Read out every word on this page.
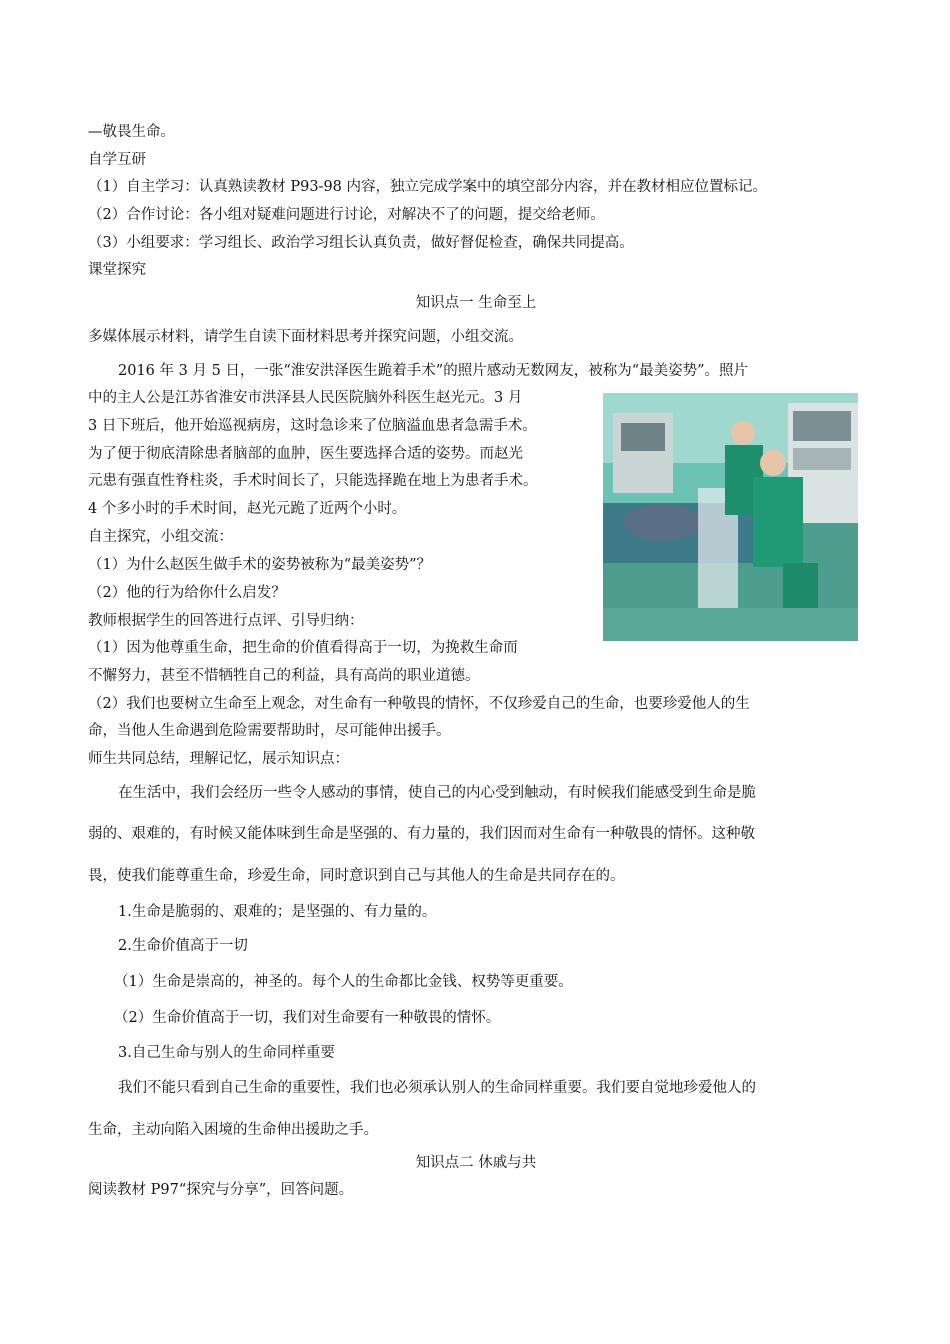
—敬畏生命。
自学互研
（1）自主学习：认真熟读教材 P93-98 内容，独立完成学案中的填空部分内容，并在教材相应位置标记。
（2）合作讨论：各小组对疑难问题进行讨论，对解决不了的问题，提交给老师。
（3）小组要求：学习组长、政治学习组长认真负责，做好督促检查，确保共同提高。
课堂探究
知识点一 生命至上
多媒体展示材料，请学生自读下面材料思考并探究问题，小组交流。
2016 年 3 月 5 日，一张“淮安洪泽医生跪着手术”的照片感动无数网友，被称为“最美姿势”。照片
中的主人公是江苏省淮安市洪泽县人民医院脑外科医生赵光元。3 月
3 日下班后，他开始巡视病房，这时急诊来了位脑溢血患者急需手术。
为了便于彻底清除患者脑部的血肿，医生要选择合适的姿势。而赵光
元患有强直性脊柱炎，手术时间长了，只能选择跪在地上为患者手术。
4 个多小时的手术时间，赵光元跪了近两个小时。
自主探究，小组交流：
（1）为什么赵医生做手术的姿势被称为“最美姿势”？
（2）他的行为给你什么启发？
教师根据学生的回答进行点评、引导归纳：
（1）因为他尊重生命，把生命的价值看得高于一切，为挽救生命而
不懈努力，甚至不惜牺牲自己的利益，具有高尚的职业道德。
（2）我们也要树立生命至上观念，对生命有一种敬畏的情怀，不仅珍爱自己的生命，也要珍爱他人的生
命，当他人生命遇到危险需要帮助时，尽可能伸出援手。
师生共同总结，理解记忆，展示知识点：
在生活中，我们会经历一些令人感动的事情，使自己的内心受到触动，有时候我们能感受到生命是脆
弱的、艰难的，有时候又能体味到生命是坚强的、有力量的，我们因而对生命有一种敬畏的情怀。这种敬
畏，使我们能尊重生命，珍爱生命，同时意识到自己与其他人的生命是共同存在的。
1.生命是脆弱的、艰难的；是坚强的、有力量的。
2.生命价值高于一切
（1）生命是崇高的，神圣的。每个人的生命都比金钱、权势等更重要。
（2）生命价值高于一切，我们对生命要有一种敬畏的情怀。
3.自己生命与别人的生命同样重要
我们不能只看到自己生命的重要性，我们也必须承认别人的生命同样重要。我们要自觉地珍爱他人的
生命，主动向陷入困境的生命伸出援助之手。
知识点二 休戚与共
阅读教材 P97“探究与分享”，回答问题。
